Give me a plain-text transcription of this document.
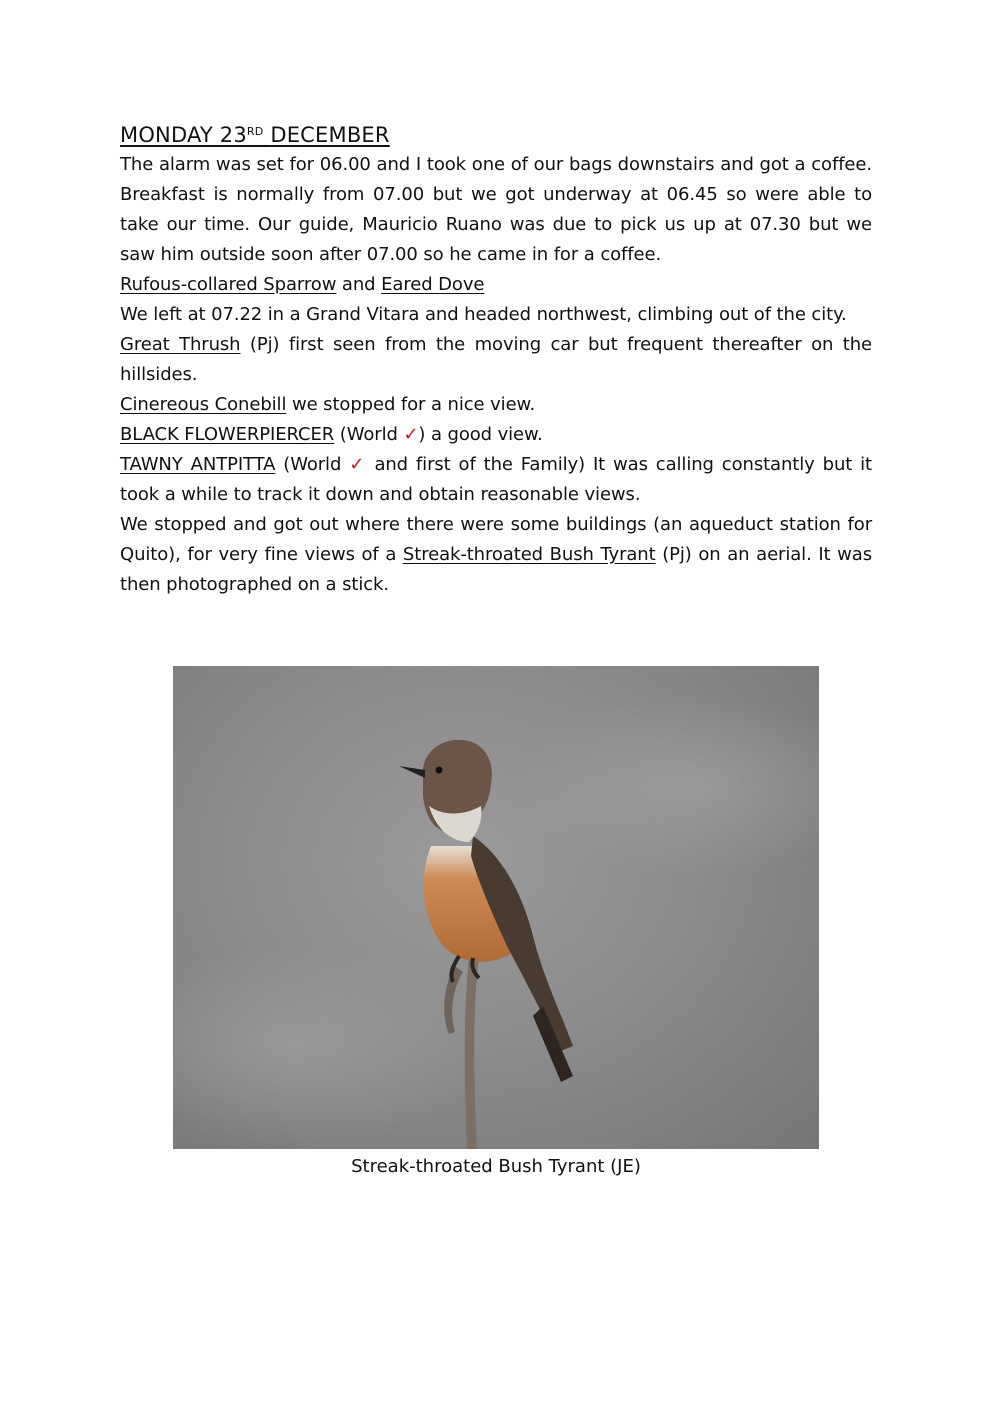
MONDAY 23RD DECEMBER

The alarm was set for 06.00 and I took one of our bags downstairs and got a coffee. Breakfast is normally from 07.00 but we got underway at 06.45 so were able to take our time. Our guide, Mauricio Ruano was due to pick us up at 07.30 but we saw him outside soon after 07.00 so he came in for a coffee.

Rufous-collared Sparrow and Eared Dove

We left at 07.22 in a Grand Vitara and headed northwest, climbing out of the city.

Great Thrush (Pj) first seen from the moving car but frequent thereafter on the hillsides.

Cinereous Conebill we stopped for a nice view.

BLACK FLOWERPIERCER (World ✓) a good view.

TAWNY ANTPITTA (World ✓ and first of the Family) It was calling constantly but it took a while to track it down and obtain reasonable views.

We stopped and got out where there were some buildings (an aqueduct station for Quito), for very fine views of a Streak-throated Bush Tyrant (Pj) on an aerial. It was then photographed on a stick.

Streak-throated Bush Tyrant (JE)
